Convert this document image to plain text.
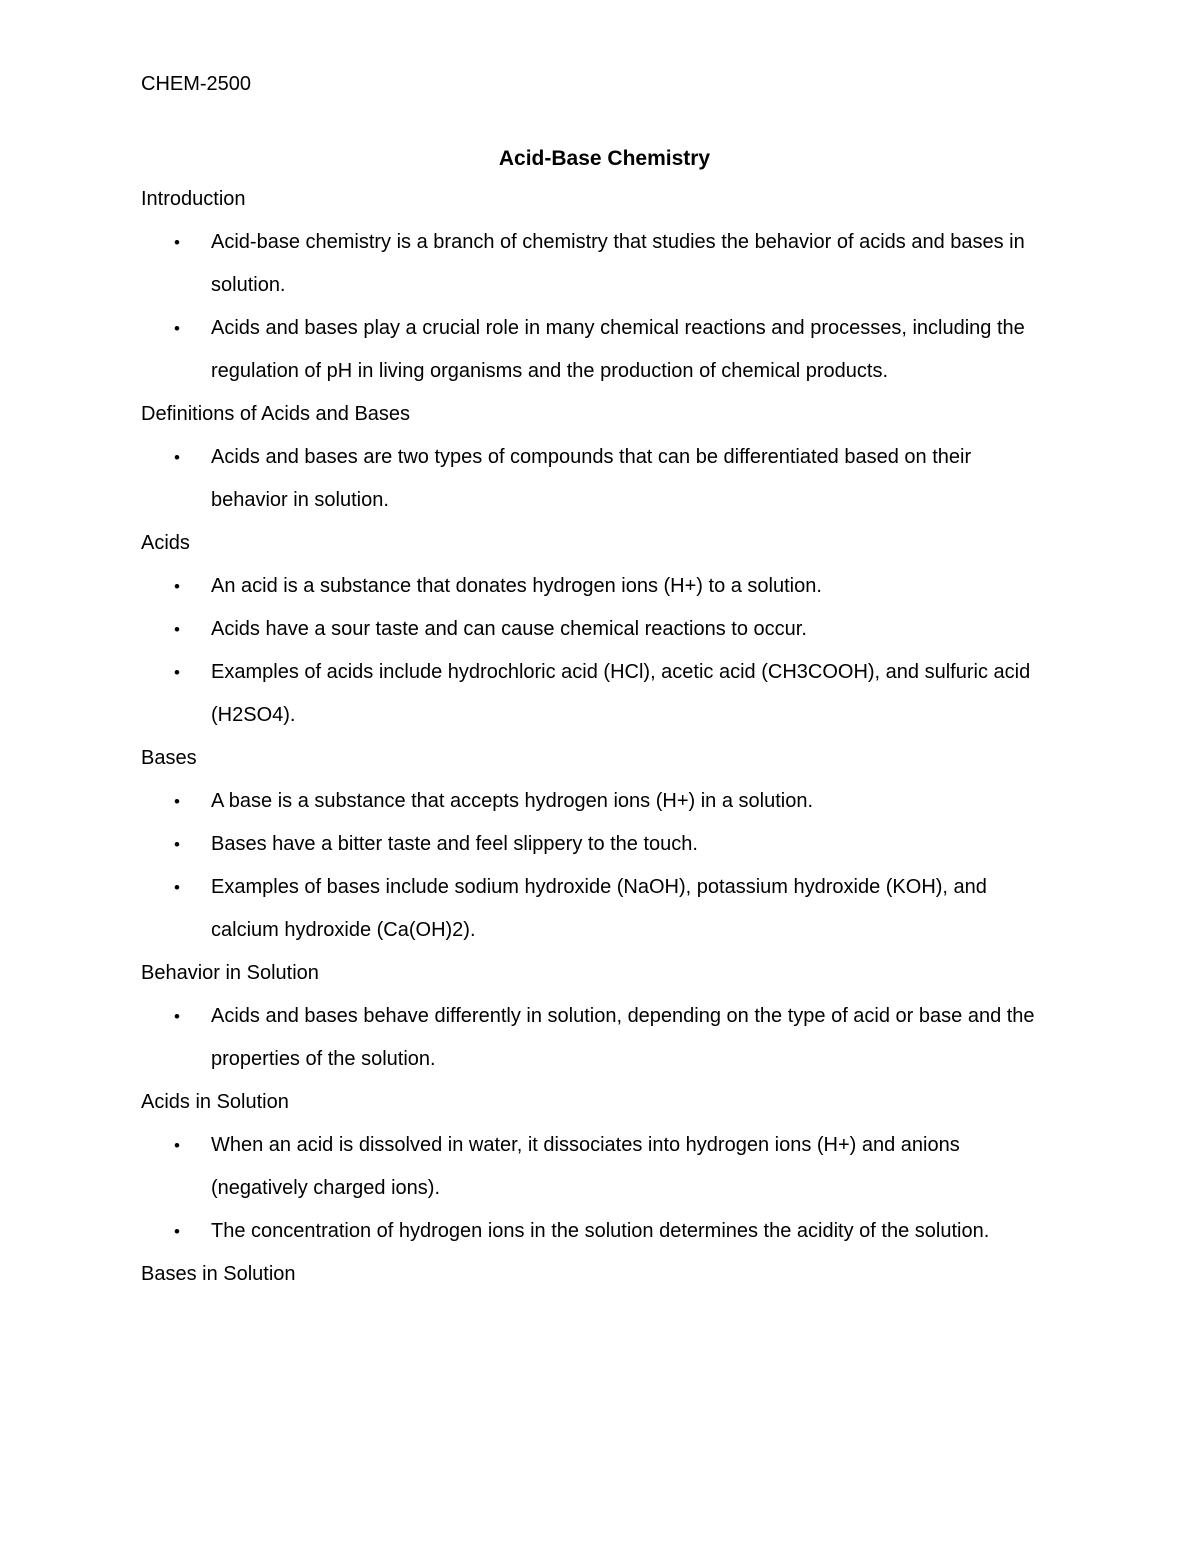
CHEM-2500

Acid-Base Chemistry

Introduction

• Acid-base chemistry is a branch of chemistry that studies the behavior of acids and bases in solution.
• Acids and bases play a crucial role in many chemical reactions and processes, including the regulation of pH in living organisms and the production of chemical products.

Definitions of Acids and Bases

• Acids and bases are two types of compounds that can be differentiated based on their behavior in solution.

Acids

• An acid is a substance that donates hydrogen ions (H+) to a solution.
• Acids have a sour taste and can cause chemical reactions to occur.
• Examples of acids include hydrochloric acid (HCl), acetic acid (CH3COOH), and sulfuric acid (H2SO4).

Bases

• A base is a substance that accepts hydrogen ions (H+) in a solution.
• Bases have a bitter taste and feel slippery to the touch.
• Examples of bases include sodium hydroxide (NaOH), potassium hydroxide (KOH), and calcium hydroxide (Ca(OH)2).

Behavior in Solution

• Acids and bases behave differently in solution, depending on the type of acid or base and the properties of the solution.

Acids in Solution

• When an acid is dissolved in water, it dissociates into hydrogen ions (H+) and anions (negatively charged ions).
• The concentration of hydrogen ions in the solution determines the acidity of the solution.

Bases in Solution
